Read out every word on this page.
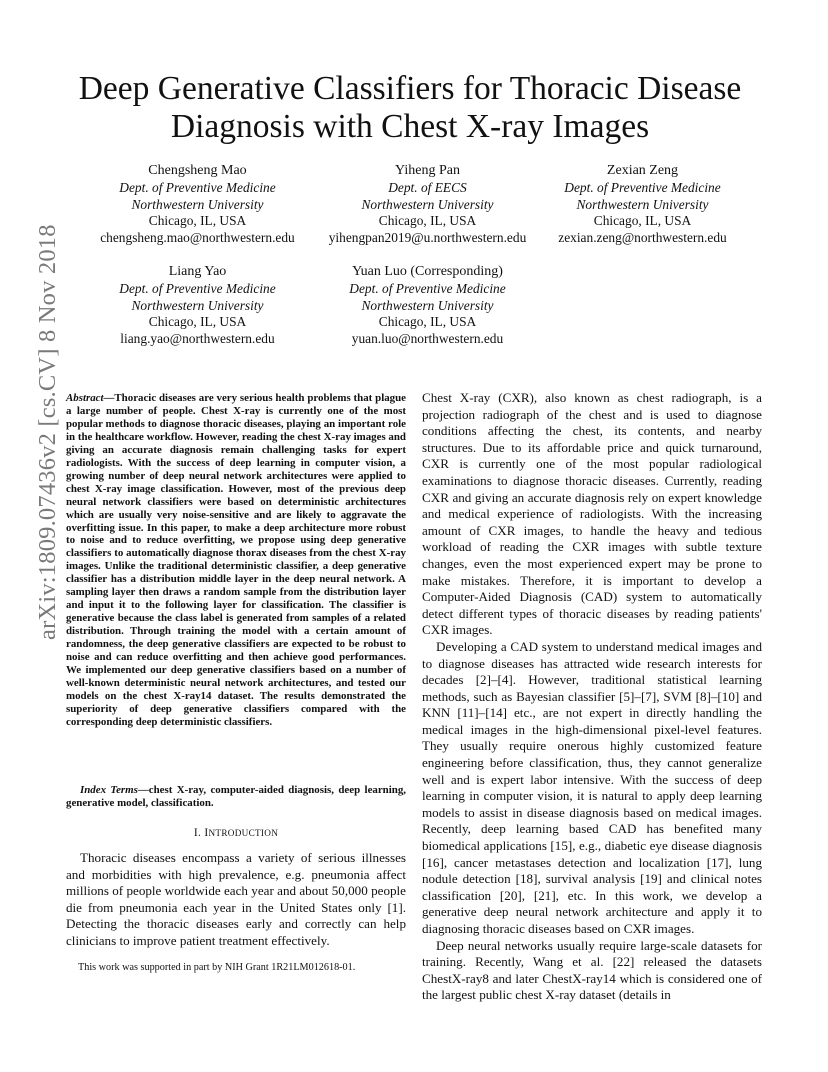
arXiv:1809.07436v2 [cs.CV] 8 Nov 2018
Deep Generative Classifiers for Thoracic Disease
Diagnosis with Chest X-ray Images
Chengsheng Mao
Dept. of Preventive Medicine
Northwestern University
Chicago, IL, USA
chengsheng.mao@northwestern.edu
Yiheng Pan
Dept. of EECS
Northwestern University
Chicago, IL, USA
yihengpan2019@u.northwestern.edu
Zexian Zeng
Dept. of Preventive Medicine
Northwestern University
Chicago, IL, USA
zexian.zeng@northwestern.edu
Liang Yao
Dept. of Preventive Medicine
Northwestern University
Chicago, IL, USA
liang.yao@northwestern.edu
Yuan Luo (Corresponding)
Dept. of Preventive Medicine
Northwestern University
Chicago, IL, USA
yuan.luo@northwestern.edu
Abstract—Thoracic diseases are very serious health problems that plague a large number of people. Chest X-ray is currently one of the most popular methods to diagnose thoracic diseases, playing an important role in the healthcare workflow. However, reading the chest X-ray images and giving an accurate diagnosis remain challenging tasks for expert radiologists. With the success of deep learning in computer vision, a growing number of deep neural network architectures were applied to chest X-ray image classification. However, most of the previous deep neural network classifiers were based on deterministic architectures which are usually very noise-sensitive and are likely to aggravate the overfitting issue. In this paper, to make a deep architecture more robust to noise and to reduce overfitting, we propose using deep generative classifiers to automatically diagnose thorax diseases from the chest X-ray images. Unlike the traditional deterministic classifier, a deep generative classifier has a distribution middle layer in the deep neural network. A sampling layer then draws a random sample from the distribution layer and input it to the following layer for classification. The classifier is generative because the class label is generated from samples of a related distribution. Through training the model with a certain amount of randomness, the deep generative classifiers are expected to be robust to noise and can reduce overfitting and then achieve good performances. We implemented our deep generative classifiers based on a number of well-known deterministic neural network architectures, and tested our models on the chest X-ray14 dataset. The results demonstrated the superiority of deep generative classifiers compared with the corresponding deep deterministic classifiers.
Index Terms—chest X-ray, computer-aided diagnosis, deep learning, generative model, classification.
I. INTRODUCTION
Thoracic diseases encompass a variety of serious illnesses and morbidities with high prevalence, e.g. pneumonia affect millions of people worldwide each year and about 50,000 people die from pneumonia each year in the United States only [1]. Detecting the thoracic diseases early and correctly can help clinicians to improve patient treatment effectively.
This work was supported in part by NIH Grant 1R21LM012618-01.

Chest X-ray (CXR), also known as chest radiograph, is a projection radiograph of the chest and is used to diagnose conditions affecting the chest, its contents, and nearby structures. Due to its affordable price and quick turnaround, CXR is currently one of the most popular radiological examinations to diagnose thoracic diseases. Currently, reading CXR and giving an accurate diagnosis rely on expert knowledge and medical experience of radiologists. With the increasing amount of CXR images, to handle the heavy and tedious workload of reading the CXR images with subtle texture changes, even the most experienced expert may be prone to make mistakes. Therefore, it is important to develop a Computer-Aided Diagnosis (CAD) system to automatically detect different types of thoracic diseases by reading patients' CXR images.

Developing a CAD system to understand medical images and to diagnose diseases has attracted wide research interests for decades [2]–[4]. However, traditional statistical learning methods, such as Bayesian classifier [5]–[7], SVM [8]–[10] and KNN [11]–[14] etc., are not expert in directly handling the medical images in the high-dimensional pixel-level features. They usually require onerous highly customized feature engineering before classification, thus, they cannot generalize well and is expert labor intensive. With the success of deep learning in computer vision, it is natural to apply deep learning models to assist in disease diagnosis based on medical images. Recently, deep learning based CAD has benefited many biomedical applications [15], e.g., diabetic eye disease diagnosis [16], cancer metastases detection and localization [17], lung nodule detection [18], survival analysis [19] and clinical notes classification [20], [21], etc. In this work, we develop a generative deep neural network architecture and apply it to diagnosing thoracic diseases based on CXR images.

Deep neural networks usually require large-scale datasets for training. Recently, Wang et al. [22] released the datasets ChestX-ray8 and later ChestX-ray14 which is considered one of the largest public chest X-ray dataset (details in
